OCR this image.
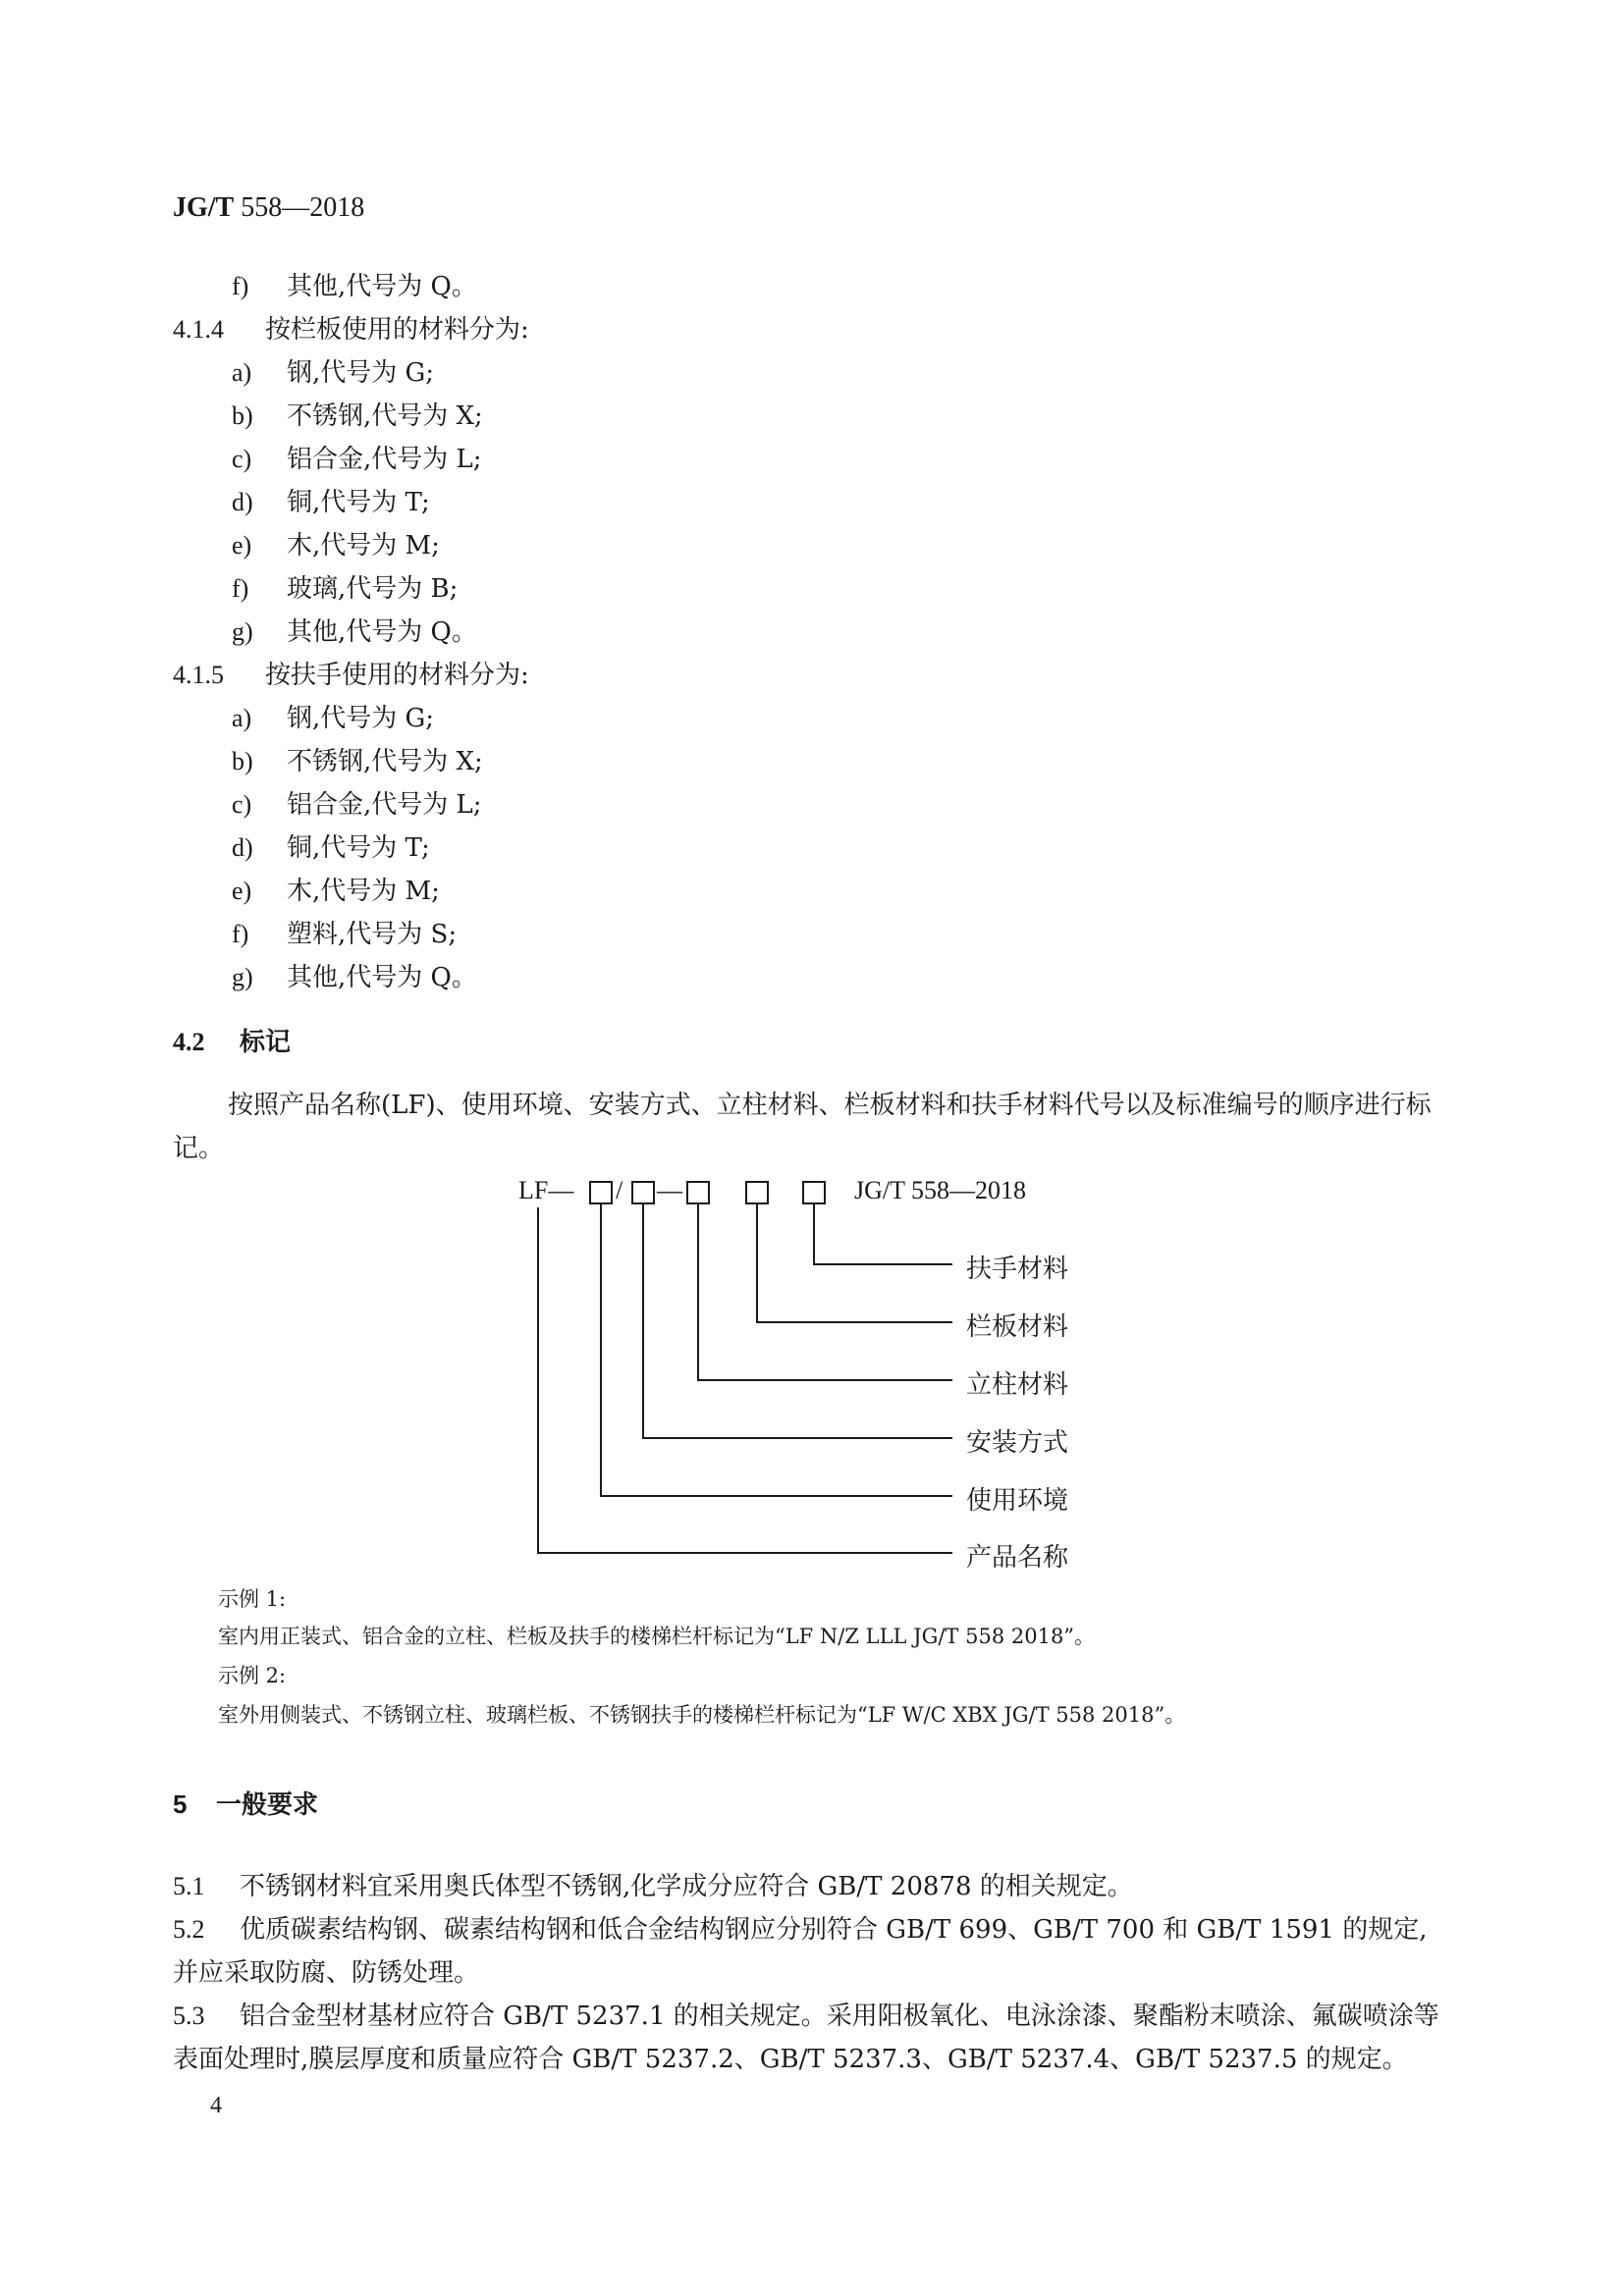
JG/T 558—2018
f) 其他,代号为 Q。
4.1.4 按栏板使用的材料分为:
a) 钢,代号为 G;
b) 不锈钢,代号为 X;
c) 铝合金,代号为 L;
d) 铜,代号为 T;
e) 木,代号为 M;
f) 玻璃,代号为 B;
g) 其他,代号为 Q。
4.1.5 按扶手使用的材料分为:
a) 钢,代号为 G;
b) 不锈钢,代号为 X;
c) 铝合金,代号为 L;
d) 铜,代号为 T;
e) 木,代号为 M;
f) 塑料,代号为 S;
g) 其他,代号为 Q。
4.2 标记
按照产品名称(LF)、使用环境、安装方式、立柱材料、栏板材料和扶手材料代号以及标准编号的顺序进行标记。
LF— / —	JG/T 558—2018
扶手材料
栏板材料
立柱材料
安装方式
使用环境
产品名称
示例 1:
室内用正装式、铝合金的立柱、栏板及扶手的楼梯栏杆标记为“LF N/Z LLL JG/T 558 2018”。
示例 2:
室外用侧装式、不锈钢立柱、玻璃栏板、不锈钢扶手的楼梯栏杆标记为“LF W/C XBX JG/T 558 2018”。
5 一般要求
5.1 不锈钢材料宜采用奥氏体型不锈钢,化学成分应符合 GB/T 20878 的相关规定。
5.2 优质碳素结构钢、碳素结构钢和低合金结构钢应分别符合 GB/T 699、GB/T 700 和 GB/T 1591 的规定,并应采取防腐、防锈处理。
5.3 铝合金型材基材应符合 GB/T 5237.1 的相关规定。采用阳极氧化、电泳涂漆、聚酯粉末喷涂、氟碳喷涂等表面处理时,膜层厚度和质量应符合 GB/T 5237.2、GB/T 5237.3、GB/T 5237.4、GB/T 5237.5 的规定。
4
